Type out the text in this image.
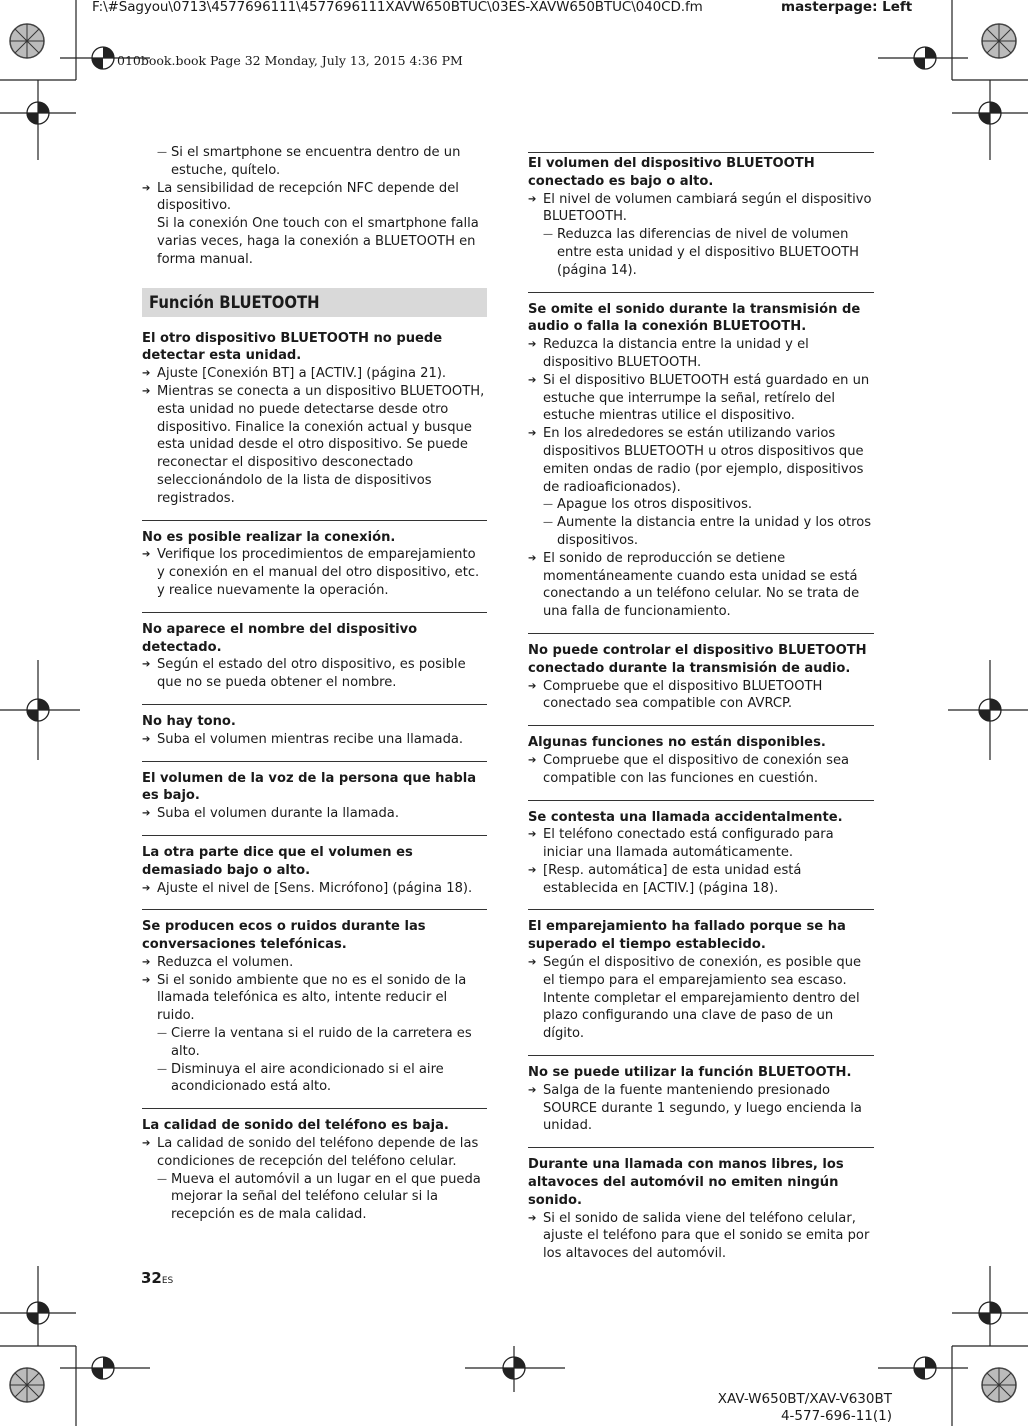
F:\#Sagyou\0713\4577696111\4577696111XAVW650BTUC\03ES-XAVW650BTUC\040CD.fm	masterpage: Left
010book.book Page 32 Monday, July 13, 2015 4:36 PM
— Si el smartphone se encuentra dentro de un estuche, quítelo.
➔ La sensibilidad de recepción NFC depende del dispositivo.
Si la conexión One touch con el smartphone falla varias veces, haga la conexión a BLUETOOTH en forma manual.
Función BLUETOOTH
El otro dispositivo BLUETOOTH no puede detectar esta unidad.
➔ Ajuste [Conexión BT] a [ACTIV.] (página 21).
➔ Mientras se conecta a un dispositivo BLUETOOTH, esta unidad no puede detectarse desde otro dispositivo. Finalice la conexión actual y busque esta unidad desde el otro dispositivo. Se puede reconectar el dispositivo desconectado seleccionándolo de la lista de dispositivos registrados.
No es posible realizar la conexión.
➔ Verifique los procedimientos de emparejamiento y conexión en el manual del otro dispositivo, etc. y realice nuevamente la operación.
No aparece el nombre del dispositivo detectado.
➔ Según el estado del otro dispositivo, es posible que no se pueda obtener el nombre.
No hay tono.
➔ Suba el volumen mientras recibe una llamada.
El volumen de la voz de la persona que habla es bajo.
➔ Suba el volumen durante la llamada.
La otra parte dice que el volumen es demasiado bajo o alto.
➔ Ajuste el nivel de [Sens. Micrófono] (página 18).
Se producen ecos o ruidos durante las conversaciones telefónicas.
➔ Reduzca el volumen.
➔ Si el sonido ambiente que no es el sonido de la llamada telefónica es alto, intente reducir el ruido.
— Cierre la ventana si el ruido de la carretera es alto.
— Disminuya el aire acondicionado si el aire acondicionado está alto.
La calidad de sonido del teléfono es baja.
➔ La calidad de sonido del teléfono depende de las condiciones de recepción del teléfono celular.
— Mueva el automóvil a un lugar en el que pueda mejorar la señal del teléfono celular si la recepción es de mala calidad.
El volumen del dispositivo BLUETOOTH conectado es bajo o alto.
➔ El nivel de volumen cambiará según el dispositivo BLUETOOTH.
— Reduzca las diferencias de nivel de volumen entre esta unidad y el dispositivo BLUETOOTH (página 14).
Se omite el sonido durante la transmisión de audio o falla la conexión BLUETOOTH.
➔ Reduzca la distancia entre la unidad y el dispositivo BLUETOOTH.
➔ Si el dispositivo BLUETOOTH está guardado en un estuche que interrumpe la señal, retírelo del estuche mientras utilice el dispositivo.
➔ En los alrededores se están utilizando varios dispositivos BLUETOOTH u otros dispositivos que emiten ondas de radio (por ejemplo, dispositivos de radioaficionados).
— Apague los otros dispositivos.
— Aumente la distancia entre la unidad y los otros dispositivos.
➔ El sonido de reproducción se detiene momentáneamente cuando esta unidad se está conectando a un teléfono celular. No se trata de una falla de funcionamiento.
No puede controlar el dispositivo BLUETOOTH conectado durante la transmisión de audio.
➔ Compruebe que el dispositivo BLUETOOTH conectado sea compatible con AVRCP.
Algunas funciones no están disponibles.
➔ Compruebe que el dispositivo de conexión sea compatible con las funciones en cuestión.
Se contesta una llamada accidentalmente.
➔ El teléfono conectado está configurado para iniciar una llamada automáticamente.
➔ [Resp. automática] de esta unidad está establecida en [ACTIV.] (página 18).
El emparejamiento ha fallado porque se ha superado el tiempo establecido.
➔ Según el dispositivo de conexión, es posible que el tiempo para el emparejamiento sea escaso. Intente completar el emparejamiento dentro del plazo configurando una clave de paso de un dígito.
No se puede utilizar la función BLUETOOTH.
➔ Salga de la fuente manteniendo presionado SOURCE durante 1 segundo, y luego encienda la unidad.
Durante una llamada con manos libres, los altavoces del automóvil no emiten ningún sonido.
➔ Si el sonido de salida viene del teléfono celular, ajuste el teléfono para que el sonido se emita por los altavoces del automóvil.
32ES
XAV-W650BT/XAV-V630BT
4-577-696-11(1)
